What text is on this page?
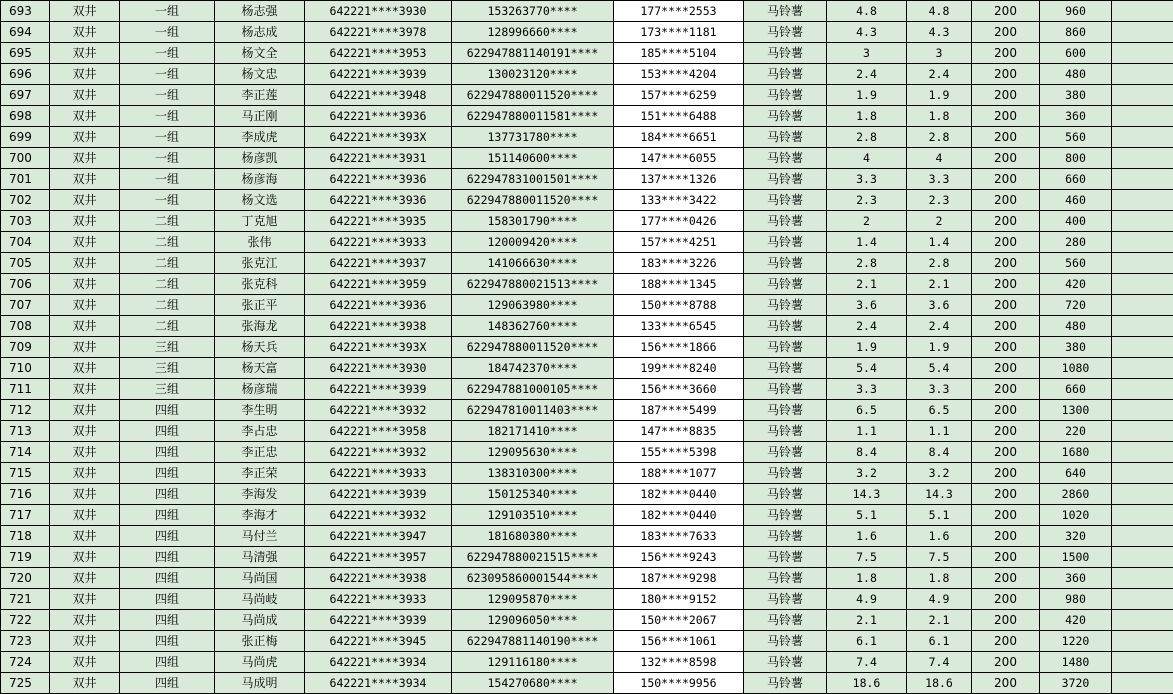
693	双井	一组	杨志强	642221****3930	153263770****	177****2553	马铃薯	4.8	4.8	200	960	
694	双井	一组	杨志成	642221****3978	128996660****	173****1181	马铃薯	4.3	4.3	200	860	
695	双井	一组	杨文全	642221****3953	622947881140191****	185****5104	马铃薯	3	3	200	600	
696	双井	一组	杨文忠	642221****3939	130023120****	153****4204	马铃薯	2.4	2.4	200	480	
697	双井	一组	李正莲	642221****3948	622947880011520****	157****6259	马铃薯	1.9	1.9	200	380	
698	双井	一组	马正刚	642221****3936	622947880011581****	151****6488	马铃薯	1.8	1.8	200	360	
699	双井	一组	李成虎	642221****393X	137731780****	184****6651	马铃薯	2.8	2.8	200	560	
700	双井	一组	杨彦凯	642221****3931	151140600****	147****6055	马铃薯	4	4	200	800	
701	双井	一组	杨彦海	642221****3936	622947831001501****	137****1326	马铃薯	3.3	3.3	200	660	
702	双井	一组	杨文选	642221****3936	622947880011520****	133****3422	马铃薯	2.3	2.3	200	460	
703	双井	二组	丁克旭	642221****3935	158301790****	177****0426	马铃薯	2	2	200	400	
704	双井	二组	张伟	642221****3933	120009420****	157****4251	马铃薯	1.4	1.4	200	280	
705	双井	二组	张克江	642221****3937	141066630****	183****3226	马铃薯	2.8	2.8	200	560	
706	双井	二组	张克科	642221****3959	622947880021513****	188****1345	马铃薯	2.1	2.1	200	420	
707	双井	二组	张正平	642221****3936	129063980****	150****8788	马铃薯	3.6	3.6	200	720	
708	双井	二组	张海龙	642221****3938	148362760****	133****6545	马铃薯	2.4	2.4	200	480	
709	双井	三组	杨天兵	642221****393X	622947880011520****	156****1866	马铃薯	1.9	1.9	200	380	
710	双井	三组	杨天富	642221****3930	184742370****	199****8240	马铃薯	5.4	5.4	200	1080	
711	双井	三组	杨彦瑞	642221****3939	622947881000105****	156****3660	马铃薯	3.3	3.3	200	660	
712	双井	四组	李生明	642221****3932	622947810011403****	187****5499	马铃薯	6.5	6.5	200	1300	
713	双井	四组	李占忠	642221****3958	182171410****	147****8835	马铃薯	1.1	1.1	200	220	
714	双井	四组	李正忠	642221****3932	129095630****	155****5398	马铃薯	8.4	8.4	200	1680	
715	双井	四组	李正荣	642221****3933	138310300****	188****1077	马铃薯	3.2	3.2	200	640	
716	双井	四组	李海发	642221****3939	150125340****	182****0440	马铃薯	14.3	14.3	200	2860	
717	双井	四组	李海才	642221****3932	129103510****	182****0440	马铃薯	5.1	5.1	200	1020	
718	双井	四组	马付兰	642221****3947	181680380****	183****7633	马铃薯	1.6	1.6	200	320	
719	双井	四组	马清强	642221****3957	622947880021515****	156****9243	马铃薯	7.5	7.5	200	1500	
720	双井	四组	马尚国	642221****3938	623095860001544****	187****9298	马铃薯	1.8	1.8	200	360	
721	双井	四组	马尚岐	642221****3933	129095870****	180****9152	马铃薯	4.9	4.9	200	980	
722	双井	四组	马尚成	642221****3939	129096050****	150****2067	马铃薯	2.1	2.1	200	420	
723	双井	四组	张正梅	642221****3945	622947881140190****	156****1061	马铃薯	6.1	6.1	200	1220	
724	双井	四组	马尚虎	642221****3934	129116180****	132****8598	马铃薯	7.4	7.4	200	1480	
725	双井	四组	马成明	642221****3934	154270680****	150****9956	马铃薯	18.6	18.6	200	3720	
